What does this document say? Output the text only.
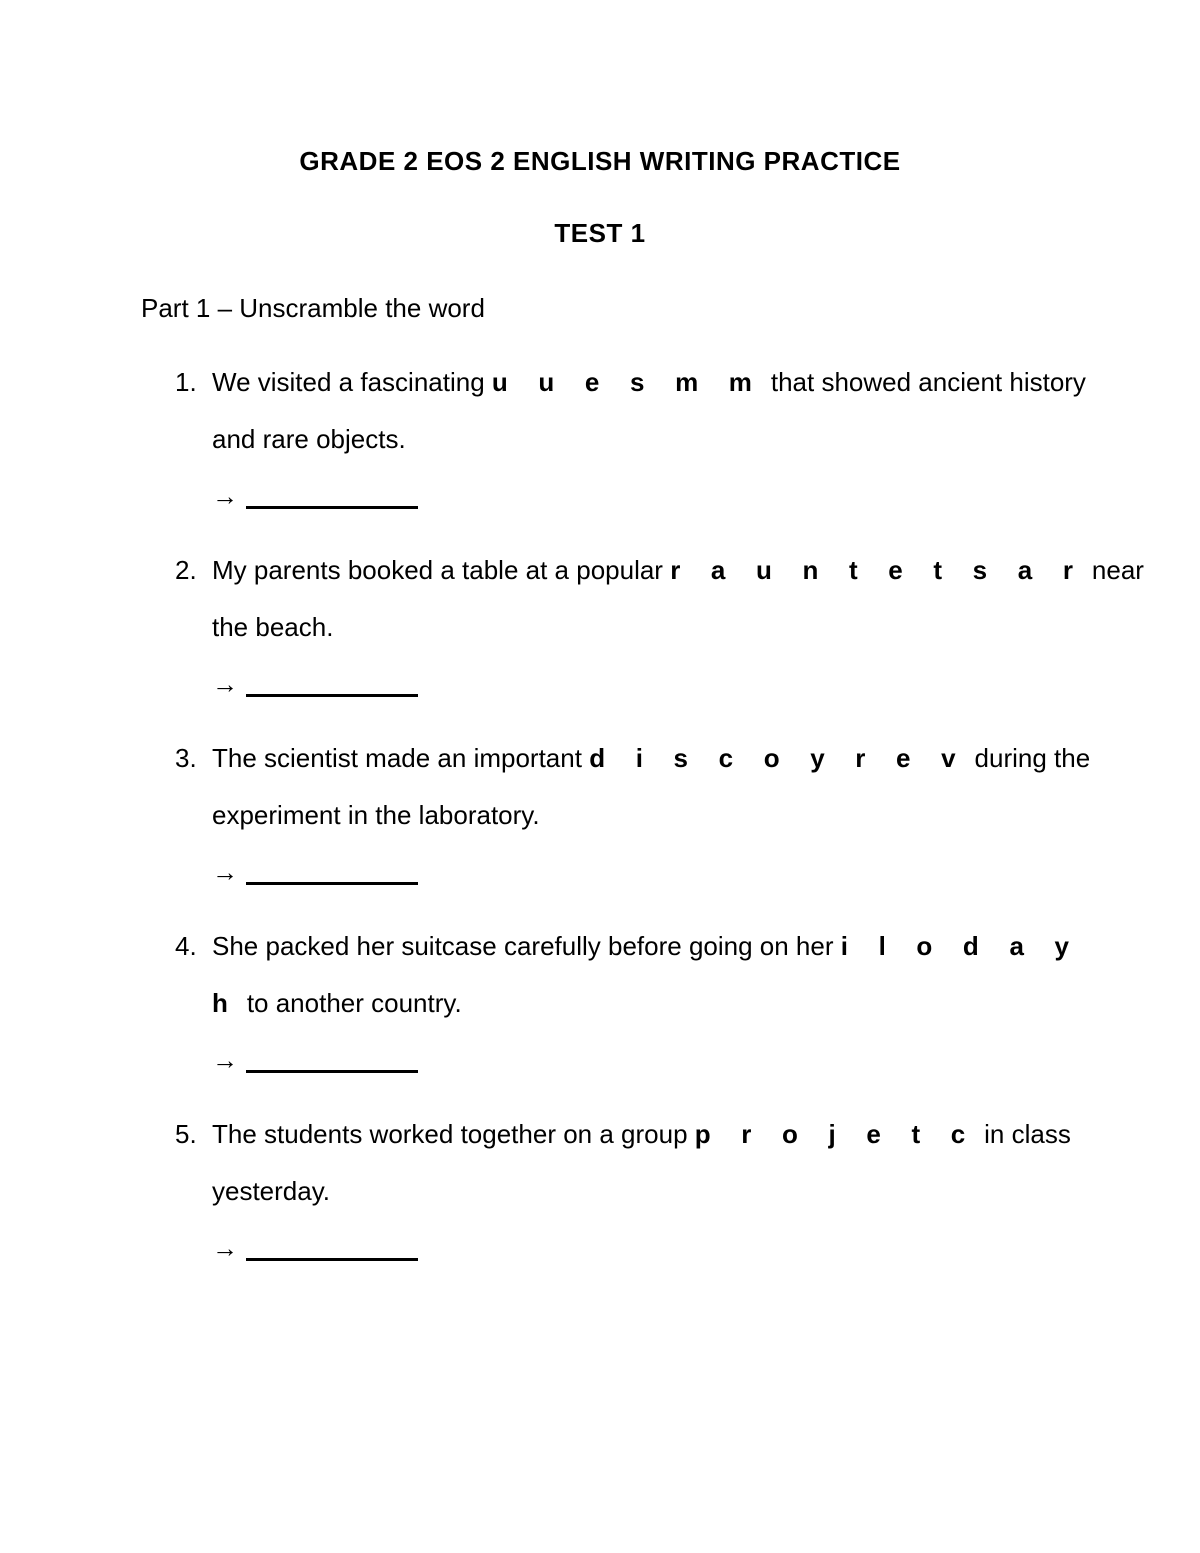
GRADE 2 EOS 2 ENGLISH WRITING PRACTICE
TEST 1
Part 1 – Unscramble the word
1. We visited a fascinating u u e s m m that showed ancient history
and rare objects.
→
2. My parents booked a table at a popular r a u n t e t s a r near
the beach.
→
3. The scientist made an important d i s c o y r e v during the
experiment in the laboratory.
→
4. She packed her suitcase carefully before going on her i l o d a y
h to another country.
→
5. The students worked together on a group p r o j e t c in class
yesterday.
→
